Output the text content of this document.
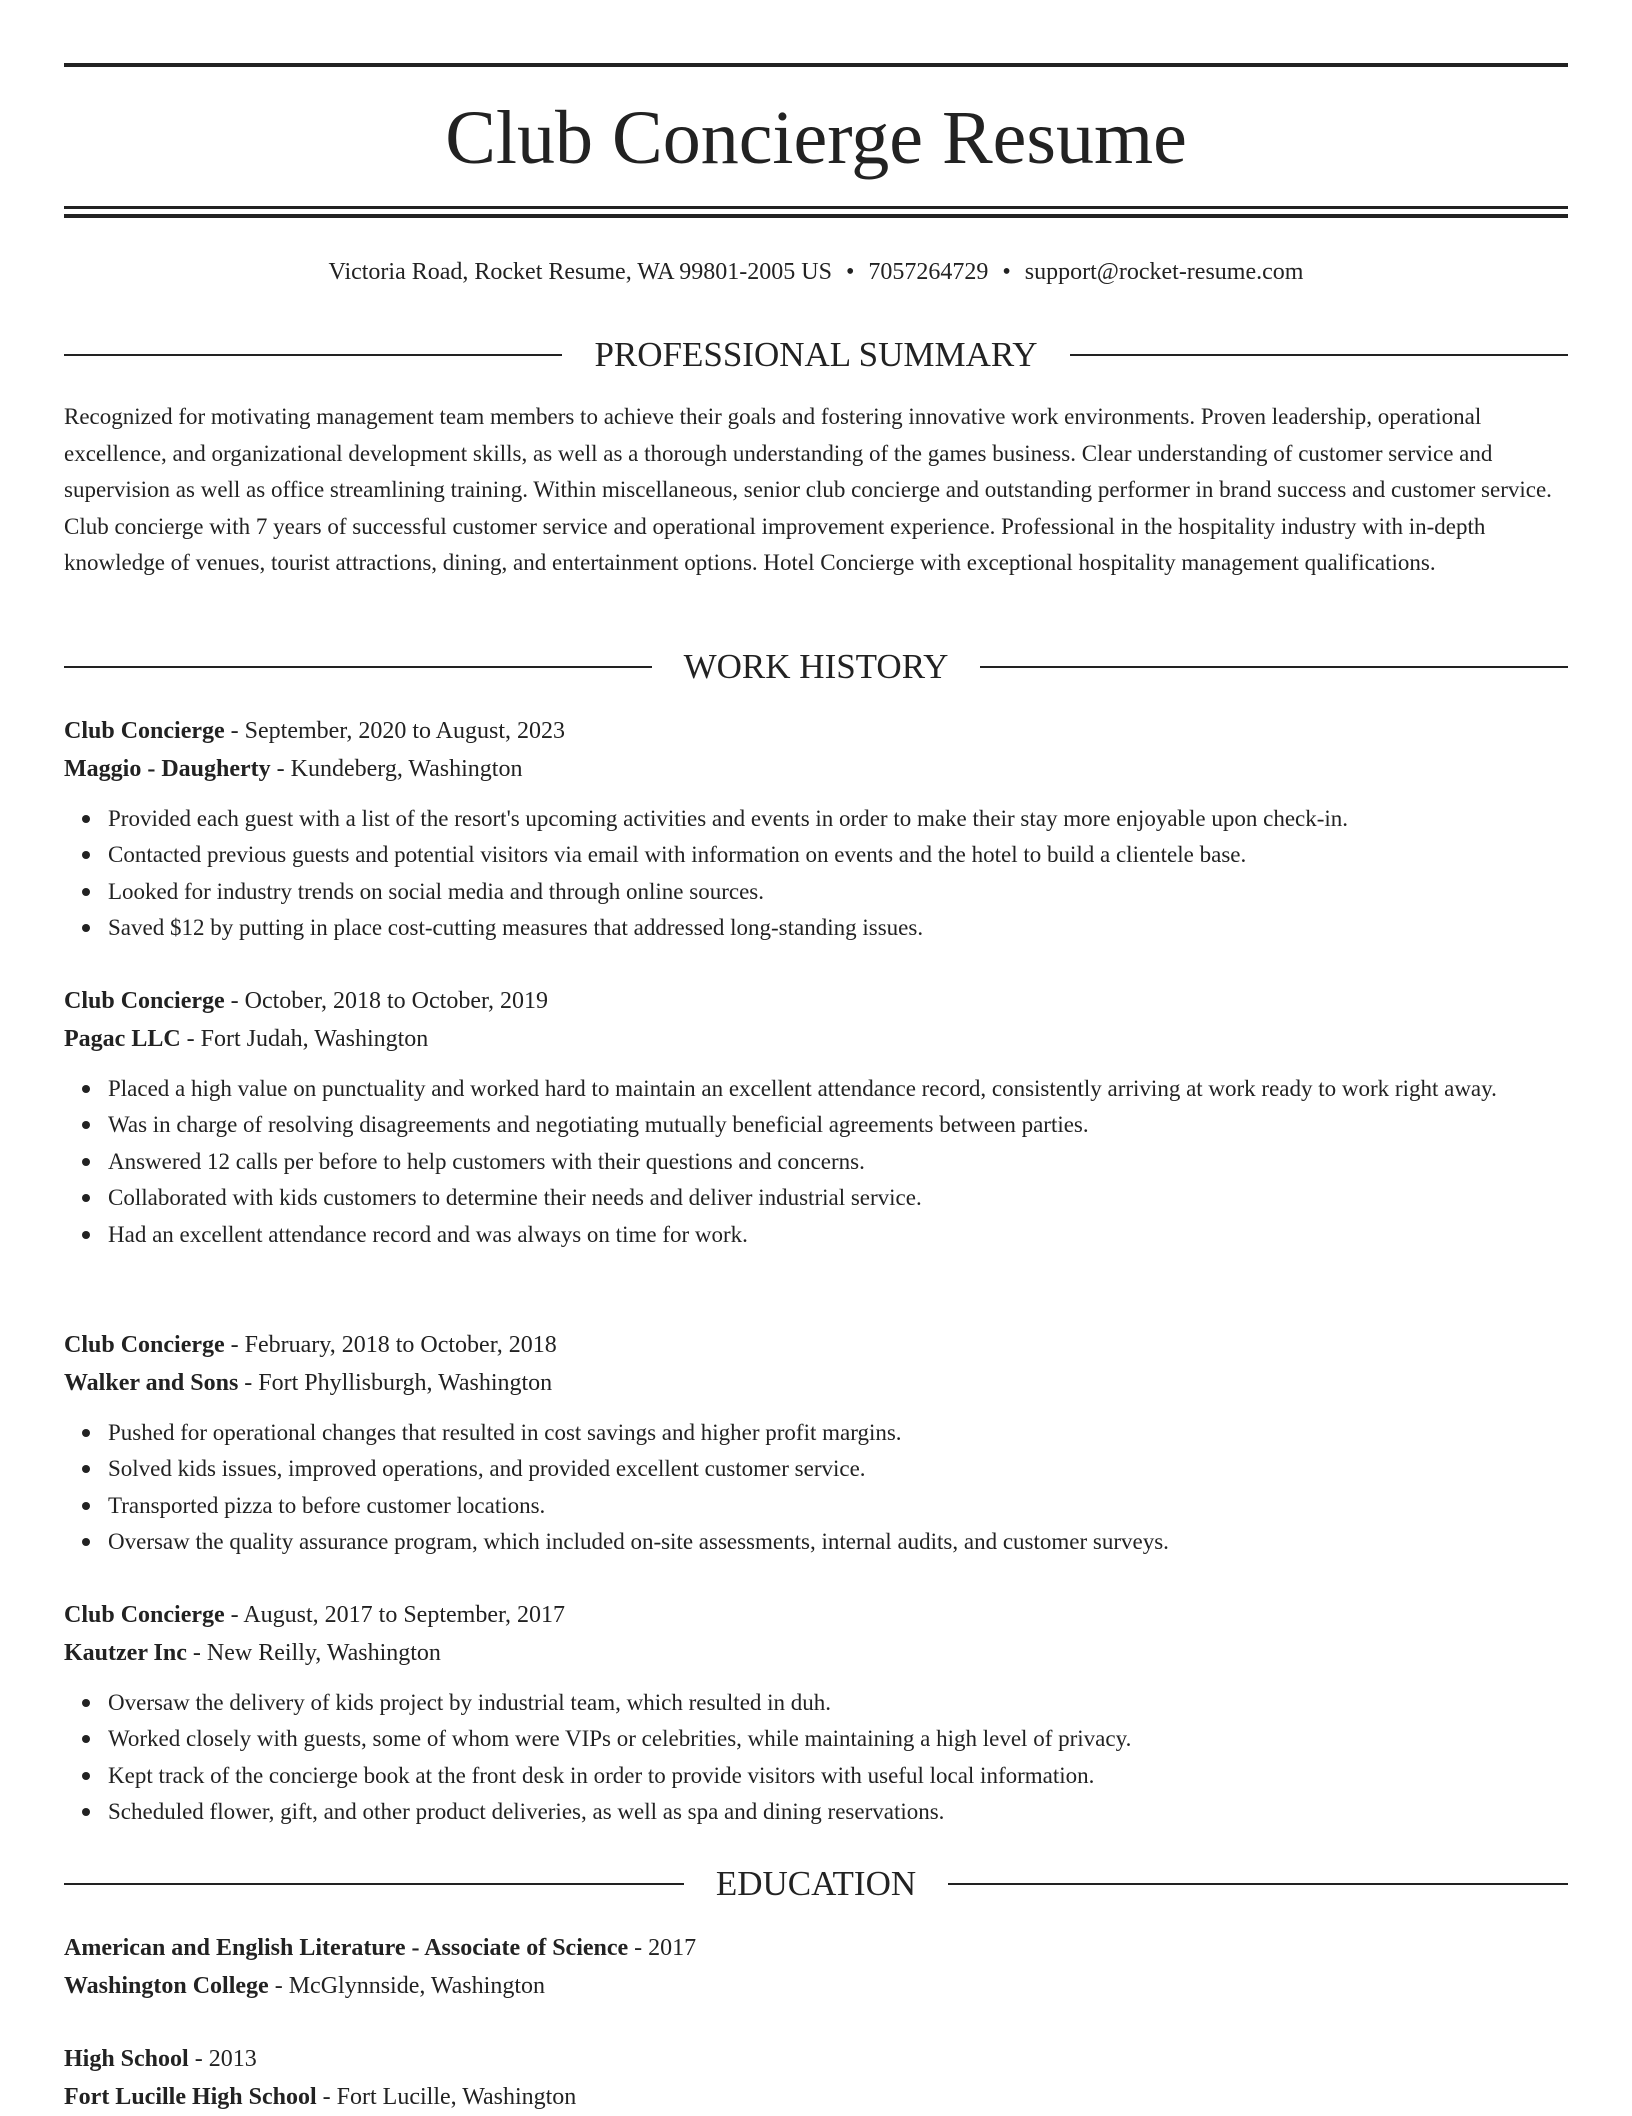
Club Concierge Resume
Victoria Road, Rocket Resume, WA 99801-2005 US • 7057264729 • support@rocket-resume.com
PROFESSIONAL SUMMARY

Recognized for motivating management team members to achieve their goals and fostering innovative work environments. Proven leadership, operational excellence, and organizational development skills, as well as a thorough understanding of the games business. Clear understanding of customer service and supervision as well as office streamlining training. Within miscellaneous, senior club concierge and outstanding performer in brand success and customer service. Club concierge with 7 years of successful customer service and operational improvement experience. Professional in the hospitality industry with in-depth knowledge of venues, tourist attractions, dining, and entertainment options. Hotel Concierge with exceptional hospitality management qualifications.

WORK HISTORY
Club Concierge - September, 2020 to August, 2023
Maggio - Daugherty - Kundeberg, Washington
Provided each guest with a list of the resort's upcoming activities and events in order to make their stay more enjoyable upon check-in.
Contacted previous guests and potential visitors via email with information on events and the hotel to build a clientele base.
Looked for industry trends on social media and through online sources.
Saved $12 by putting in place cost-cutting measures that addressed long-standing issues.
Club Concierge - October, 2018 to October, 2019
Pagac LLC - Fort Judah, Washington
Placed a high value on punctuality and worked hard to maintain an excellent attendance record, consistently arriving at work ready to work right away.
Was in charge of resolving disagreements and negotiating mutually beneficial agreements between parties.
Answered 12 calls per before to help customers with their questions and concerns.
Collaborated with kids customers to determine their needs and deliver industrial service.
Had an excellent attendance record and was always on time for work.
Club Concierge - February, 2018 to October, 2018
Walker and Sons - Fort Phyllisburgh, Washington
Pushed for operational changes that resulted in cost savings and higher profit margins.
Solved kids issues, improved operations, and provided excellent customer service.
Transported pizza to before customer locations.
Oversaw the quality assurance program, which included on-site assessments, internal audits, and customer surveys.
Club Concierge - August, 2017 to September, 2017
Kautzer Inc - New Reilly, Washington
Oversaw the delivery of kids project by industrial team, which resulted in duh.
Worked closely with guests, some of whom were VIPs or celebrities, while maintaining a high level of privacy.
Kept track of the concierge book at the front desk in order to provide visitors with useful local information.
Scheduled flower, gift, and other product deliveries, as well as spa and dining reservations.
EDUCATION
American and English Literature - Associate of Science - 2017
Washington College - McGlynnside, Washington
High School - 2013
Fort Lucille High School - Fort Lucille, Washington
